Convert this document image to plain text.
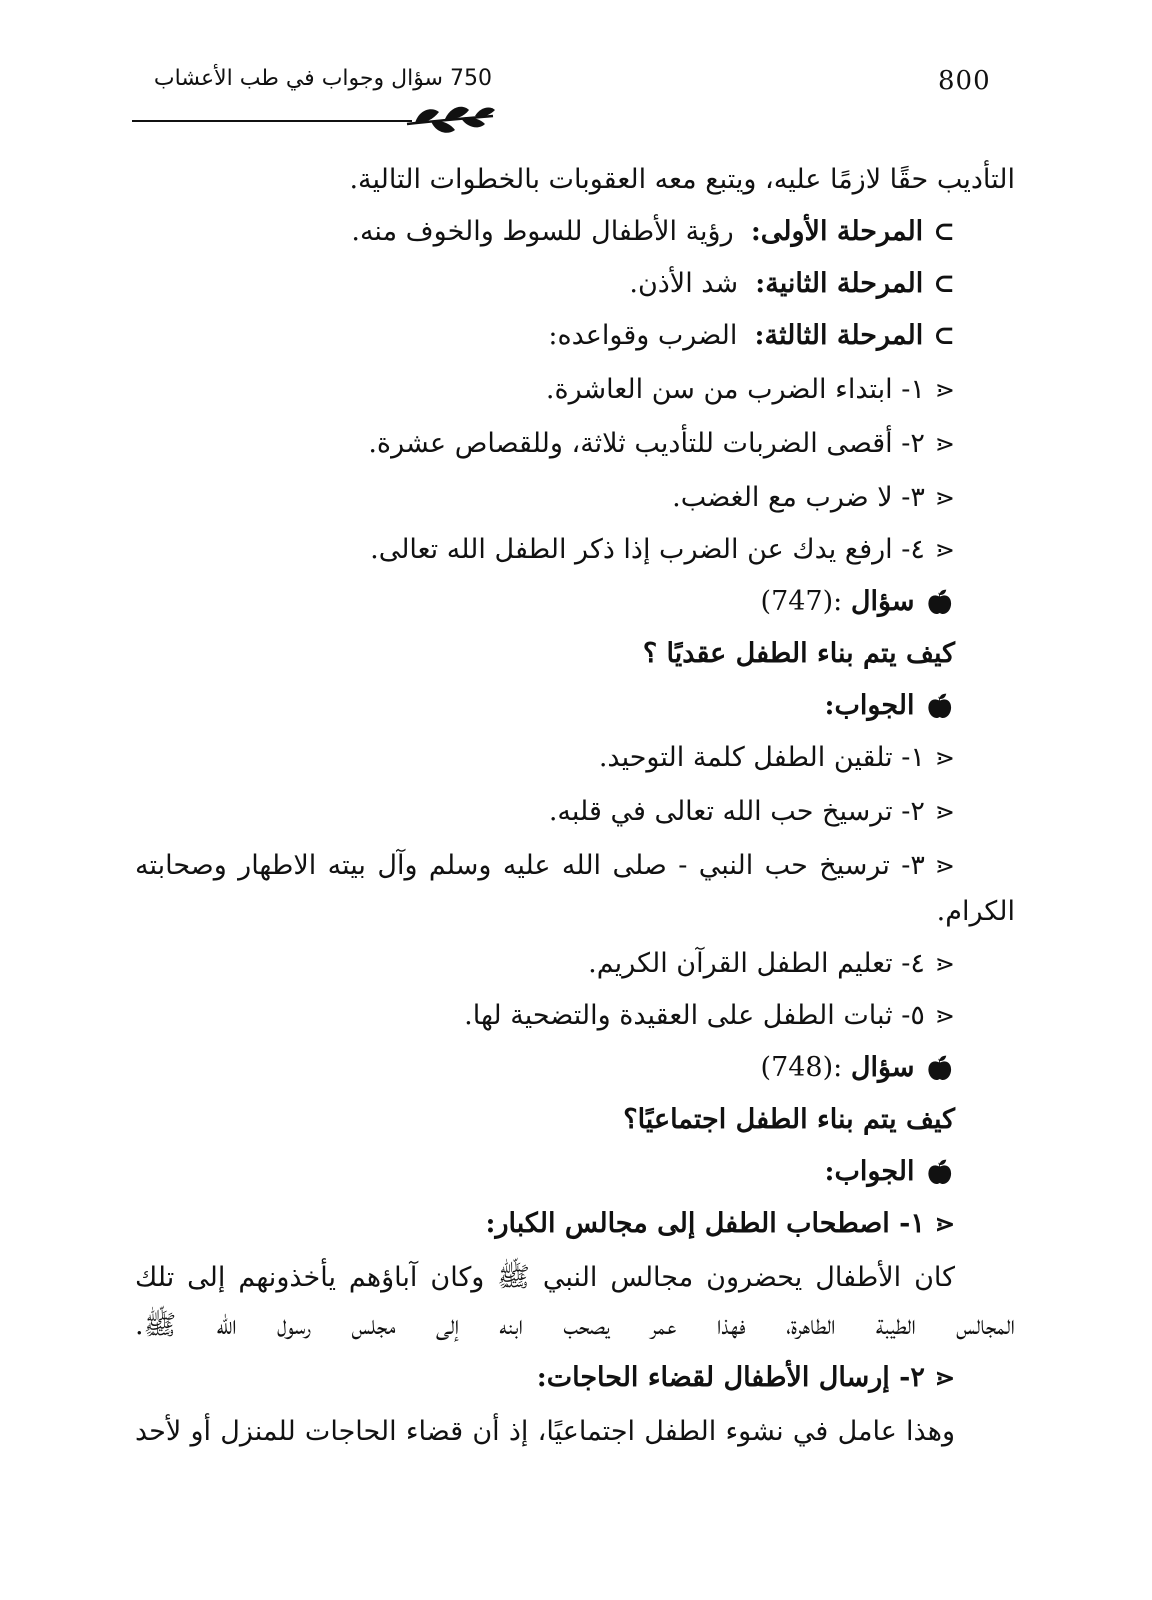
800
750 سؤال وجواب في طب الأعشاب
التأديب حقًا لازمًا عليه، ويتبع معه العقوبات بالخطوات التالية.
⊃المرحلة الأولى:  رؤية الأطفال للسوط والخوف منه.
⊃المرحلة الثانية:  شد الأذن.
⊃المرحلة الثالثة:  الضرب وقواعده:
⋖١- ابتداء الضرب من سن العاشرة.
⋖٢- أقصى الضربات للتأديب ثلاثة، وللقصاص عشرة.
⋖٣- لا ضرب مع الغضب.
⋖٤- ارفع يدك عن الضرب إذا ذكر الطفل الله تعالى.
🍎︎سؤال (747):
كيف يتم بناء الطفل عقديًا ؟
🍎︎الجواب:
⋖١- تلقين الطفل كلمة التوحيد.
⋖٢- ترسيخ حب الله تعالى في قلبه.
⋖٣- ترسيخ حب النبي - صلى الله عليه وسلم وآل بيته الاطهار وصحابته
الكرام.
⋖٤- تعليم الطفل القرآن الكريم.
⋖٥- ثبات الطفل على العقيدة والتضحية لها.
🍎︎سؤال (748):
كيف يتم بناء الطفل اجتماعيًا؟
🍎︎الجواب:
⋖١- اصطحاب الطفل إلى مجالس الكبار:
كان الأطفال يحضرون مجالس النبي ﷺ وكان آباؤهم يأخذونهم إلى تلك
المجالس الطيبة الطاهرة، فهذا عمر يصحب ابنه إلى مجلس رسول الله ﷺ.
⋖٢- إرسال الأطفال لقضاء الحاجات:
وهذا عامل في نشوء الطفل اجتماعيًا، إذ أن قضاء الحاجات للمنزل أو لأحد
